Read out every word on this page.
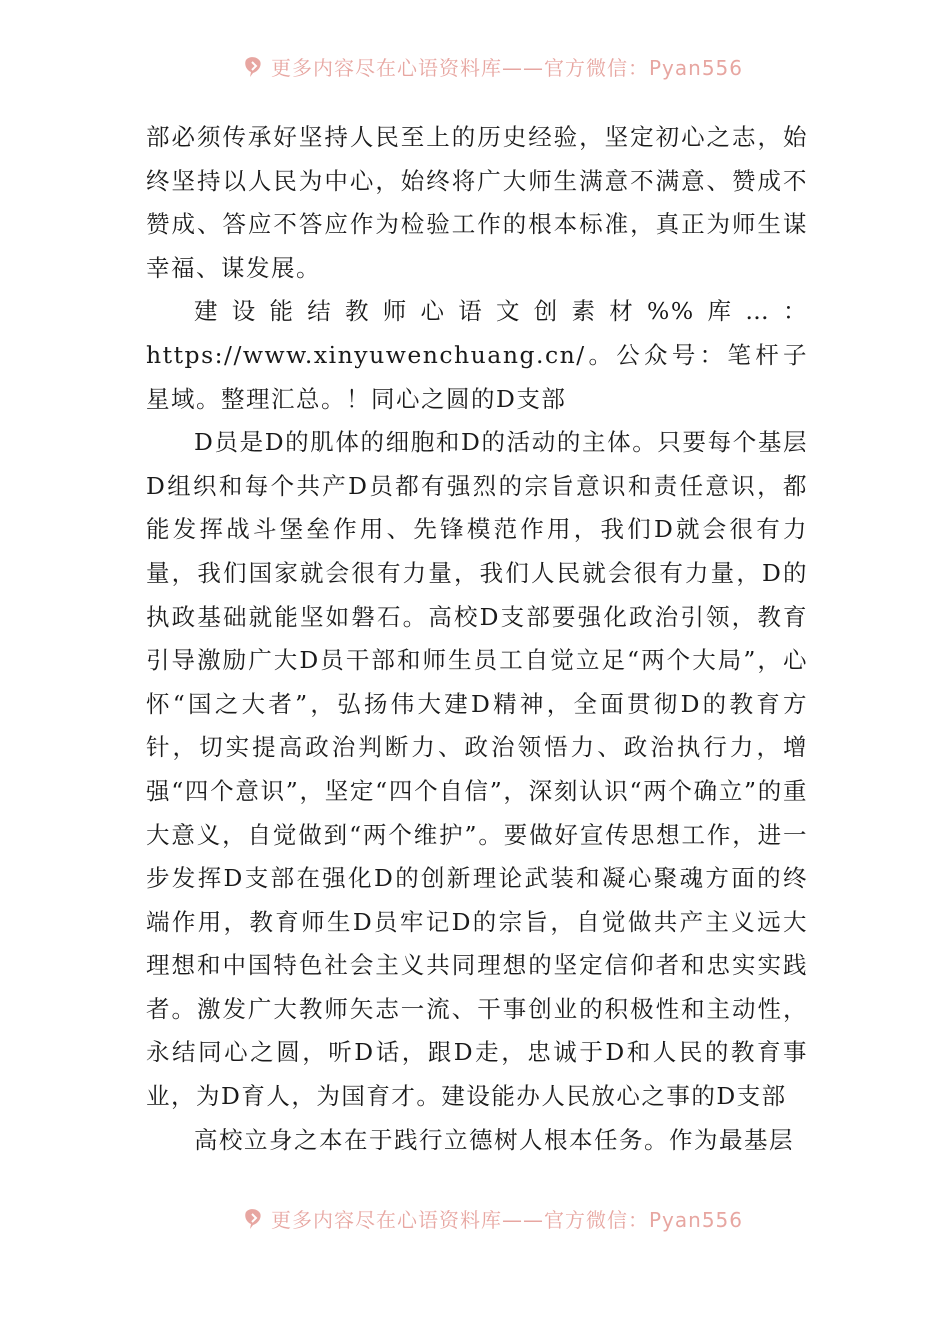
更多内容尽在心语资料库——官方微信：Pyan556

部必须传承好坚持人民至上的历史经验，坚定初心之志，始终坚持以人民为中心，始终将广大师生满意不满意、赞成不赞成、答应不答应作为检验工作的根本标准，真正为师生谋幸福、谋发展。

建设能结教师心语文创素材%%库…：https://www.xinyuwenchuang.cn/。公众号：笔杆子星域。整理汇总。！同心之圆的D支部

D员是D的肌体的细胞和D的活动的主体。只要每个基层D组织和每个共产D员都有强烈的宗旨意识和责任意识，都能发挥战斗堡垒作用、先锋模范作用，我们D就会很有力量，我们国家就会很有力量，我们人民就会很有力量，D的执政基础就能坚如磐石。高校D支部要强化政治引领，教育引导激励广大D员干部和师生员工自觉立足“两个大局”，心怀“国之大者”，弘扬伟大建D精神，全面贯彻D的教育方针，切实提高政治判断力、政治领悟力、政治执行力，增强“四个意识”，坚定“四个自信”，深刻认识“两个确立”的重大意义，自觉做到“两个维护”。要做好宣传思想工作，进一步发挥D支部在强化D的创新理论武装和凝心聚魂方面的终端作用，教育师生D员牢记D的宗旨，自觉做共产主义远大理想和中国特色社会主义共同理想的坚定信仰者和忠实实践者。激发广大教师矢志一流、干事创业的积极性和主动性，永结同心之圆，听D话，跟D走，忠诚于D和人民的教育事业，为D育人，为国育才。建设能办人民放心之事的D支部

高校立身之本在于践行立德树人根本任务。作为最基层

更多内容尽在心语资料库——官方微信：Pyan556
